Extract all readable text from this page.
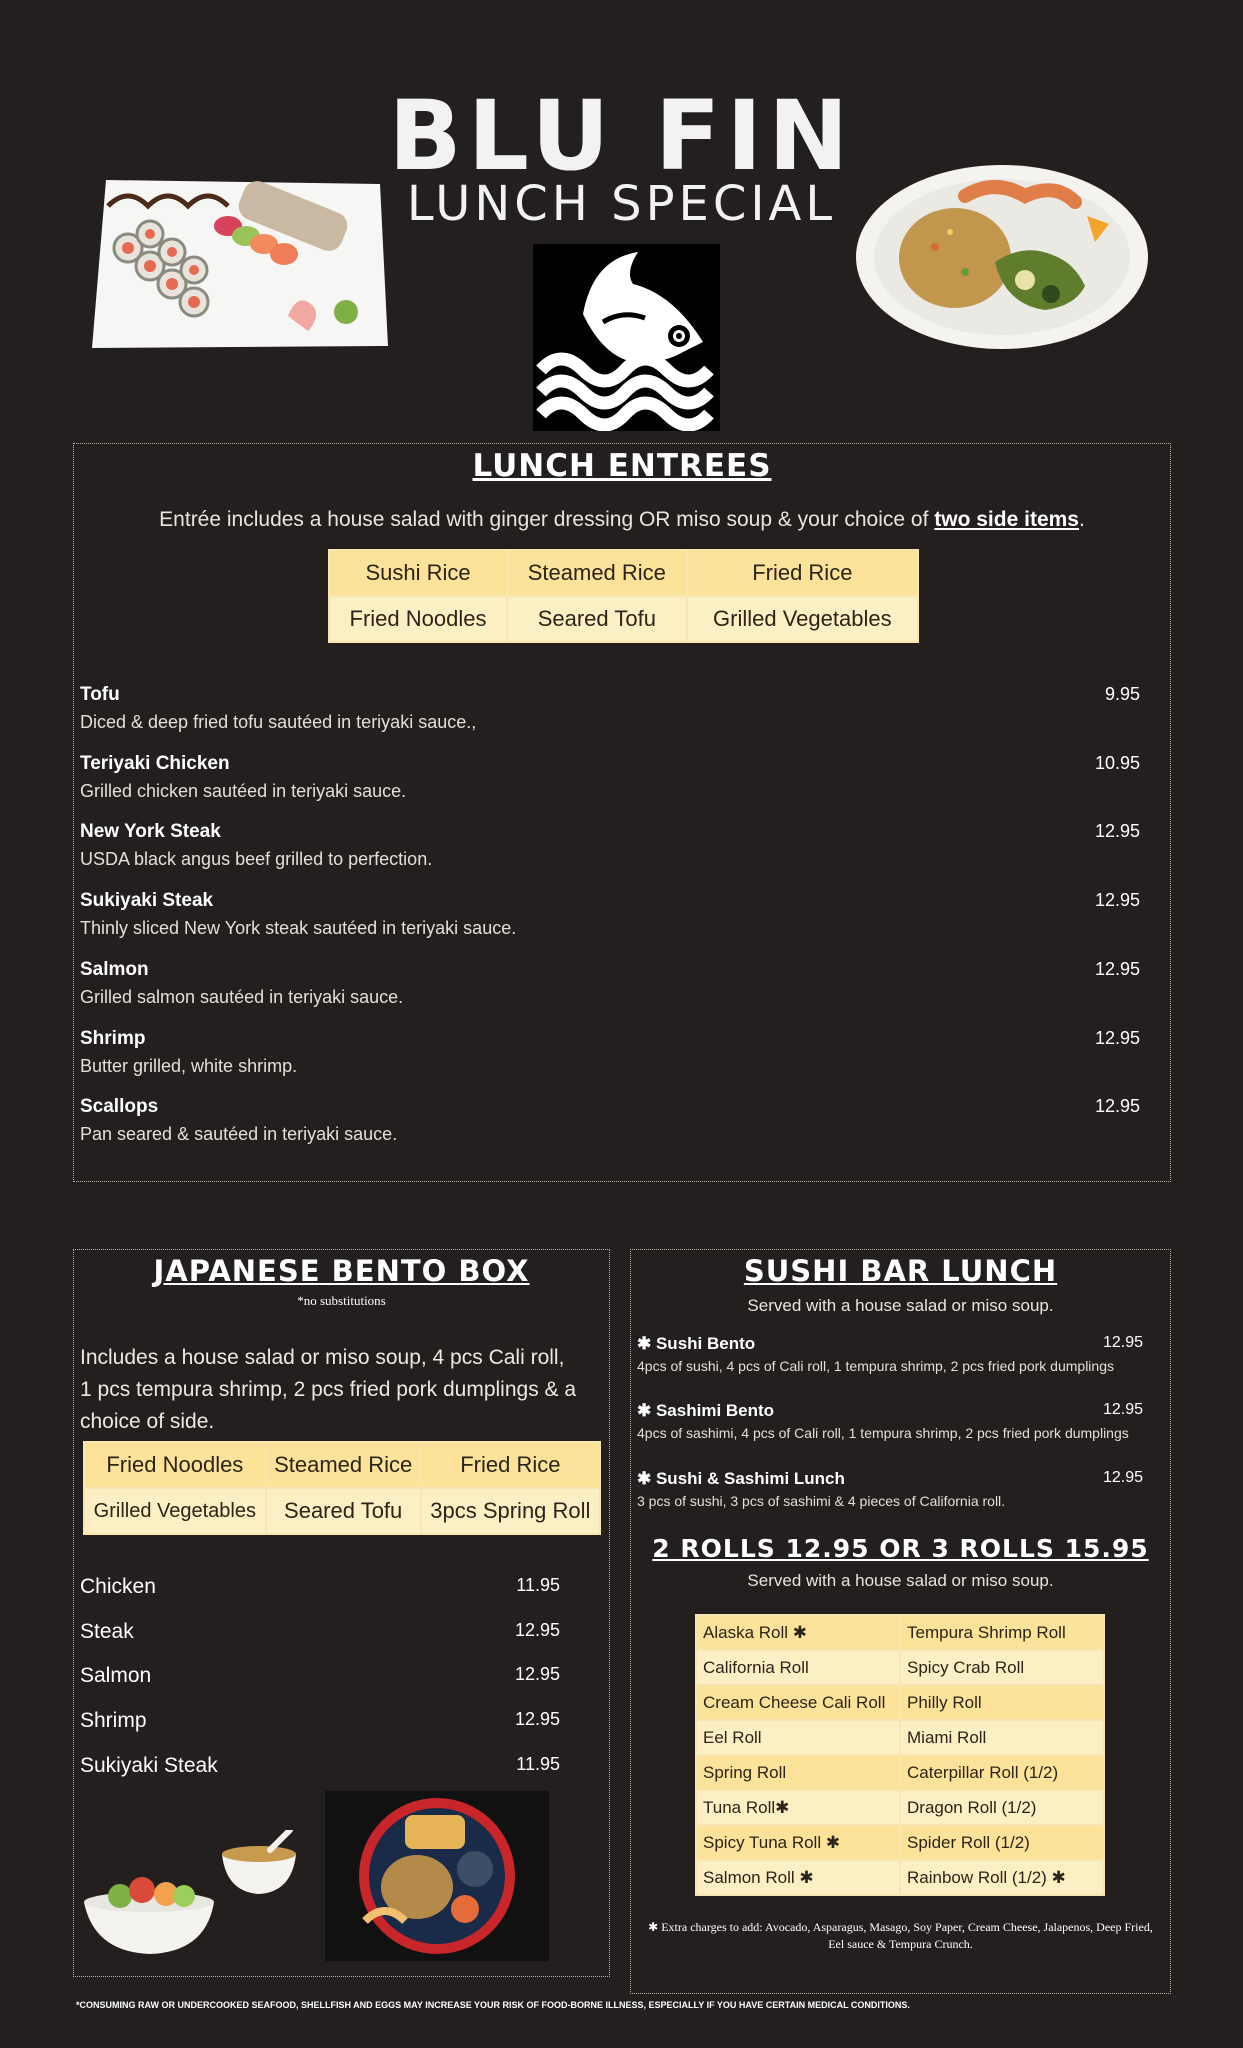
BLU FIN
LUNCH SPECIAL
LUNCH ENTREES
Entrée includes a house salad with ginger dressing OR miso soup & your choice of two side items.
Sushi Rice	Steamed Rice	Fried Rice
Fried Noodles	Seared Tofu	Grilled Vegetables
Tofu
Diced & deep fried tofu sautéed in teriyaki sauce.,
9.95
Teriyaki Chicken
Grilled chicken sautéed in teriyaki sauce.
10.95
New York Steak
USDA black angus beef grilled to perfection.
12.95
Sukiyaki Steak
Thinly sliced New York steak sautéed in teriyaki sauce.
12.95
Salmon
Grilled salmon sautéed in teriyaki sauce.
12.95
Shrimp
Butter grilled, white shrimp.
12.95
Scallops
Pan seared & sautéed in teriyaki sauce.
12.95
JAPANESE BENTO BOX
*no substitutions
Includes a house salad or miso soup, 4 pcs Cali roll, 1 pcs tempura shrimp, 2 pcs fried pork dumplings & a choice of side.
Fried Noodles	Steamed Rice	Fried Rice
Grilled Vegetables	Seared Tofu	3pcs Spring Roll
Chicken	11.95
Steak	12.95
Salmon	12.95
Shrimp	12.95
Sukiyaki Steak	11.95
SUSHI BAR LUNCH
Served with a house salad or miso soup.
✱ Sushi Bento
4pcs of sushi, 4 pcs of Cali roll, 1 tempura shrimp, 2 pcs fried pork dumplings
12.95
✱ Sashimi Bento
4pcs of sashimi, 4 pcs of Cali roll, 1 tempura shrimp, 2 pcs fried pork dumplings
12.95
✱ Sushi & Sashimi Lunch
3 pcs of sushi, 3 pcs of sashimi & 4 pieces of California roll.
12.95
2 ROLLS 12.95 OR 3 ROLLS 15.95
Served with a house salad or miso soup.
Alaska Roll ✱	Tempura Shrimp Roll
California Roll	Spicy Crab Roll
Cream Cheese Cali Roll	Philly Roll
Eel Roll	Miami Roll
Spring Roll	Caterpillar Roll (1/2)
Tuna Roll✱	Dragon Roll (1/2)
Spicy Tuna Roll ✱	Spider Roll (1/2)
Salmon Roll ✱	Rainbow Roll (1/2) ✱
✱ Extra charges to add: Avocado, Asparagus, Masago, Soy Paper, Cream Cheese, Jalapenos, Deep Fried, Eel sauce & Tempura Crunch.
*CONSUMING RAW OR UNDERCOOKED SEAFOOD, SHELLFISH AND EGGS MAY INCREASE YOUR RISK OF FOOD-BORNE ILLNESS, ESPECIALLY IF YOU HAVE CERTAIN MEDICAL CONDITIONS.
